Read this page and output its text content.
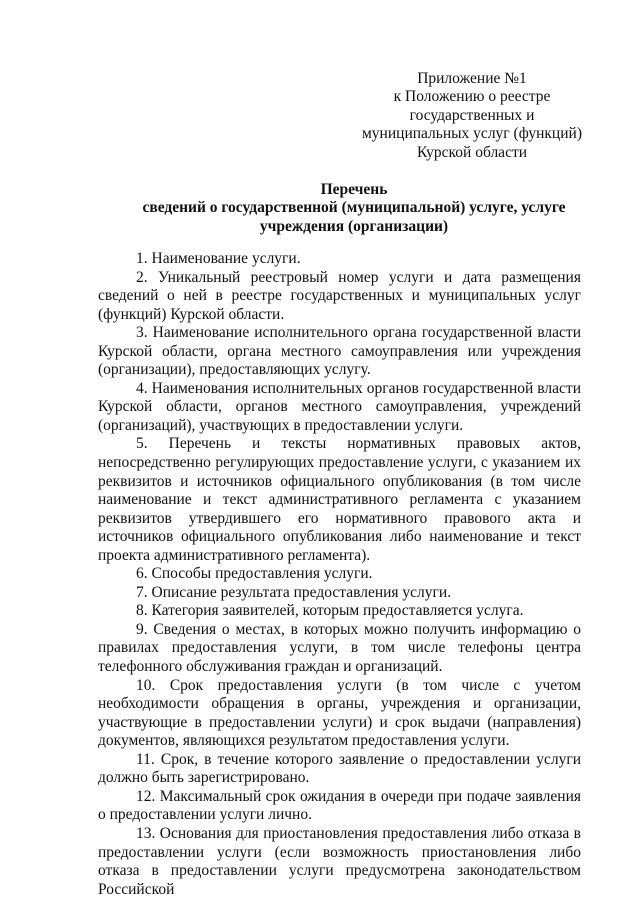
Приложение №1
к Положению о реестре
государственных и
муниципальных услуг (функций)
Курской области
Перечень
сведений о государственной (муниципальной) услуге, услуге
учреждения (организации)

1. Наименование услуги.

2. Уникальный реестровый номер услуги и дата размещения сведений о ней в реестре государственных и муниципальных услуг (функций) Курской области.

3. Наименование исполнительного органа государственной власти Курской области, органа местного самоуправления или учреждения (организации), предоставляющих услугу.

4. Наименования исполнительных органов государственной власти Курской области, органов местного самоуправления, учреждений (организаций), участвующих в предоставлении услуги.

5. Перечень и тексты нормативных правовых актов, непосредственно регулирующих предоставление услуги, с указанием их реквизитов и источников официального опубликования (в том числе наименование и текст административного регламента с указанием реквизитов утвердившего его нормативного правового акта и источников официального опубликования либо наименование и текст проекта административного регламента).

6. Способы предоставления услуги.

7. Описание результата предоставления услуги.

8. Категория заявителей, которым предоставляется услуга.

9. Сведения о местах, в которых можно получить информацию о правилах предоставления услуги, в том числе телефоны центра телефонного обслуживания граждан и организаций.

10. Срок предоставления услуги (в том числе с учетом необходимости обращения в органы, учреждения и организации, участвующие в предоставлении услуги) и срок выдачи (направления) документов, являющихся результатом предоставления услуги.

11. Срок, в течение которого заявление о предоставлении услуги должно быть зарегистрировано.

12. Максимальный срок ожидания в очереди при подаче заявления о предоставлении услуги лично.

13. Основания для приостановления предоставления либо отказа в предоставлении услуги (если возможность приостановления либо отказа в предоставлении услуги предусмотрена законодательством Российской
